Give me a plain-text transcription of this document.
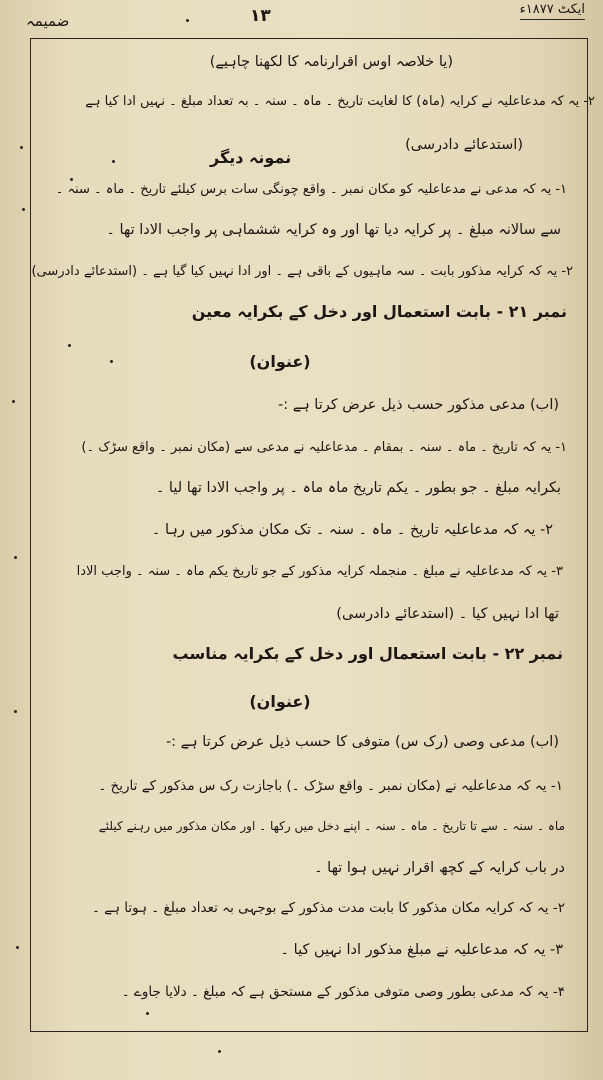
ضمیمہ	۱۳	ایکٹ ۱۸۷۷ء
(یا خلاصہ اوس اقرارنامہ کا لکھنا چاہیے)
۲- یہ کہ مدعاعلیہ نے کرایہ (ماہ) کا لغایت تاریخ ۔ ماہ ۔ سنہ ۔ بہ تعداد مبلغ ۔ نہیں ادا کیا ہے
(استدعائے دادرسی)
نمونہ دیگر
۱- یہ کہ مدعی نے مدعاعلیہ کو مکان نمبر ۔ واقع چونگی سات برس کیلئے تاریخ ۔ ماہ ۔ سنہ ۔
سے سالانہ مبلغ ۔ پر کرایہ دیا تھا اور وہ کرایہ ششماہی پر واجب الادا تھا ۔
۲- یہ کہ کرایہ مذکور بابت ۔ سہ ماہیوں کے باقی ہے ۔ اور ادا نہیں کیا گیا ہے ۔ (استدعائے دادرسی)
نمبر ۲۱ - بابت استعمال اور دخل کے بکرایہ معین
(عنوان)
(اب) مدعی مذکور حسب ذیل عرض کرتا ہے :-
۱- یہ کہ تاریخ ۔ ماہ ۔ سنہ ۔ بمقام ۔ مدعاعلیہ نے مدعی سے (مکان نمبر ۔ واقع سڑک ۔)
بکرایہ مبلغ ۔ جو بطور ۔ یکم تاریخ ماہ ماہ ۔ پر واجب الادا تھا لیا ۔
۲- یہ کہ مدعاعلیہ تاریخ ۔ ماہ ۔ سنہ ۔ تک مکان مذکور میں رہا ۔
۳- یہ کہ مدعاعلیہ نے مبلغ ۔ منجملہ کرایہ مذکور کے جو تاریخ یکم ماہ ۔ سنہ ۔ واجب الادا
تھا ادا نہیں کیا ۔ (استدعائے دادرسی)
نمبر ۲۲ - بابت استعمال اور دخل کے بکرایہ مناسب
(عنوان)
(اب) مدعی وصی (رک س) متوفی کا حسب ذیل عرض کرتا ہے :-
۱- یہ کہ مدعاعلیہ نے (مکان نمبر ۔ واقع سڑک ۔) باجازت رک س مذکور کے تاریخ ۔
ماہ ۔ سنہ ۔ سے تا تاریخ ۔ ماہ ۔ سنہ ۔ اپنے دخل میں رکھا ۔ اور مکان مذکور میں رہنے کیلئے
در باب کرایہ کے کچھ اقرار نہیں ہوا تھا ۔
۲- یہ کہ کرایہ مکان مذکور کا بابت مدت مذکور کے بوجہی بہ تعداد مبلغ ۔ ہوتا ہے ۔
۳- یہ کہ مدعاعلیہ نے مبلغ مذکور ادا نہیں کیا ۔
۴- یہ کہ مدعی بطور وصی متوفی مذکور کے مستحق ہے کہ مبلغ ۔ دلایا جاوے ۔
